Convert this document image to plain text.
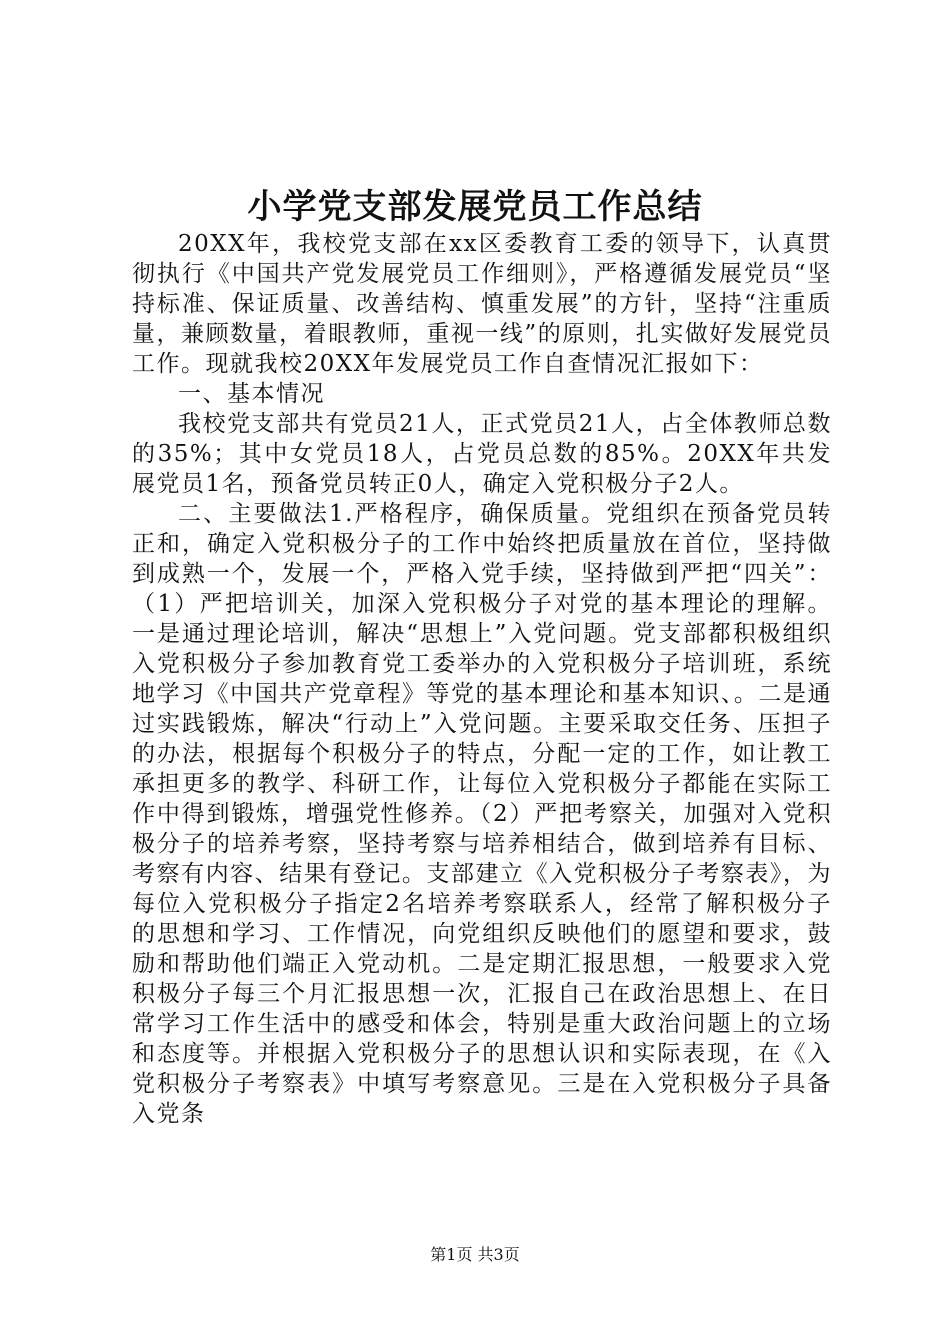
小学党支部发展党员工作总结

20XX年，我校党支部在xx区委教育工委的领导下，认真贯彻执行《中国共产党发展党员工作细则》，严格遵循发展党员“坚持标准、保证质量、改善结构、慎重发展”的方针，坚持“注重质量，兼顾数量，着眼教师，重视一线”的原则，扎实做好发展党员工作。现就我校20XX年发展党员工作自查情况汇报如下：

一、基本情况

我校党支部共有党员21人，正式党员21人，占全体教师总数的35%；其中女党员18人，占党员总数的85%。20XX年共发展党员1名，预备党员转正0人，确定入党积极分子2人。

二、主要做法1.严格程序，确保质量。党组织在预备党员转正和，确定入党积极分子的工作中始终把质量放在首位，坚持做到成熟一个，发展一个，严格入党手续，坚持做到严把“四关”：（1）严把培训关，加深入党积极分子对党的基本理论的理解。一是通过理论培训，解决“思想上”入党问题。党支部都积极组织入党积极分子参加教育党工委举办的入党积极分子培训班，系统地学习《中国共产党章程》等党的基本理论和基本知识、。二是通过实践锻炼，解决“行动上”入党问题。主要采取交任务、压担子的办法，根据每个积极分子的特点，分配一定的工作，如让教工承担更多的教学、科研工作，让每位入党积极分子都能在实际工作中得到锻炼，增强党性修养。（2）严把考察关，加强对入党积极分子的培养考察，坚持考察与培养相结合，做到培养有目标、考察有内容、结果有登记。支部建立《入党积极分子考察表》，为每位入党积极分子指定2名培养考察联系人，经常了解积极分子的思想和学习、工作情况，向党组织反映他们的愿望和要求，鼓励和帮助他们端正入党动机。二是定期汇报思想，一般要求入党积极分子每三个月汇报思想一次，汇报自己在政治思想上、在日常学习工作生活中的感受和体会，特别是重大政治问题上的立场和态度等。并根据入党积极分子的思想认识和实际表现，在《入党积极分子考察表》中填写考察意见。三是在入党积极分子具备入党条

第1页 共3页
